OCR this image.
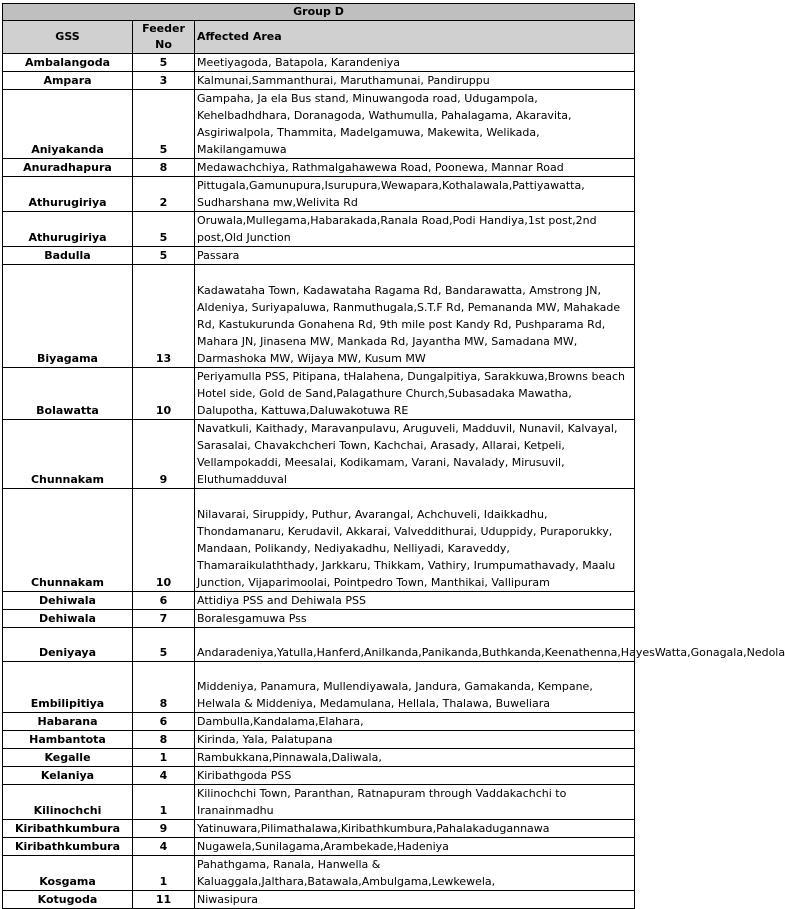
Group D		
GSS	Feeder No	Affected Area
Ambalangoda	5	Meetiyagoda, Batapola, Karandeniya
Ampara	3	Kalmunai,Sammanthurai, Maruthamunai, Pandiruppu
Aniyakanda	5	Gampaha, Ja ela Bus stand, Minuwangoda road, Udugampola, Kehelbadhdhara, Doranagoda, Wathumulla, Pahalagama, Akaravita, Asgiriwalpola, Thammita, Madelgamuwa, Makewita, Welikada, Makilangamuwa
Anuradhapura	8	Medawachchiya, Rathmalgahawewa Road, Poonewa, Mannar Road
Athurugiriya	2	Pittugala,Gamunupura,Isurupura,Wewapara,Kothalawala,Pattiyawatta, Sudharshana mw,Welivita Rd
Athurugiriya	5	Oruwala,Mullegama,Habarakada,Ranala Road,Podi Handiya,1st post,2nd post,Old Junction
Badulla	5	Passara
Biyagama	13	Kadawataha Town, Kadawataha Ragama Rd, Bandarawatta, Amstrong JN, Aldeniya, Suriyapaluwa, Ranmuthugala,S.T.F Rd, Pemananda MW, Mahakade Rd, Kastukurunda Gonahena Rd, 9th mile post Kandy Rd, Pushparama Rd, Mahara JN, Jinasena MW, Mankada Rd, Jayantha MW, Samadana MW, Darmashoka MW, Wijaya MW, Kusum MW
Bolawatta	10	Periyamulla PSS, Pitipana, tHalahena, Dungalpitiya, Sarakkuwa,Browns beach Hotel side, Gold de Sand,Palagathure Church,Subasadaka Mawatha, Dalupotha, Kattuwa,Daluwakotuwa RE
Chunnakam	9	Navatkuli, Kaithady, Maravanpulavu, Aruguveli, Madduvil, Nunavil, Kalvayal, Sarasalai, Chavakchcheri Town, Kachchai, Arasady, Allarai, Ketpeli, Vellampokaddi, Meesalai, Kodikamam, Varani, Navalady, Mirusuvil, Eluthumadduval
Chunnakam	10	Nilavarai, Siruppidy, Puthur, Avarangal, Achchuveli, Idaikkadhu, Thondamanaru, Kerudavil, Akkarai, Valveddithurai, Uduppidy, Puraporukky, Mandaan, Polikandy, Nediyakadhu, Nelliyadi, Karaveddy, Thamaraikulaththady, Jarkkaru, Thikkam, Vathiry, Irumpumathavady, Maalu Junction, Vijaparimoolai, Pointpedro Town, Manthikai, Vallipuram
Dehiwala	6	Attidiya PSS and Dehiwala PSS
Dehiwala	7	Boralesgamuwa Pss
Deniyaya	5	Andaradeniya,Yatulla,Hanferd,Anilkanda,Panikanda,Buthkanda,Keenathenna,HayesWatta,Gonagala,Nedola
Embilipitiya	8	Middeniya, Panamura, Mullendiyawala, Jandura, Gamakanda, Kempane, Helwala & Middeniya, Medamulana, Hellala, Thalawa, Buweliara
Habarana	6	Dambulla,Kandalama,Elahara,
Hambantota	8	Kirinda, Yala, Palatupana
Kegalle	1	Rambukkana,Pinnawala,Daliwala,
Kelaniya	4	Kiribathgoda PSS
Kilinochchi	1	Kilinochchi Town, Paranthan, Ratnapuram through Vaddakachchi to Iranainmadhu
Kiribathkumbura	9	Yatinuwara,Pilimathalawa,Kiribathkumbura,Pahalakadugannawa
Kiribathkumbura	4	Nugawela,Sunilagama,Arambekade,Hadeniya
Kosgama	1	Pahathgama, Ranala, Hanwella & Kaluaggala,Jalthara,Batawala,Ambulgama,Lewkewela,
Kotugoda	11	Niwasipura
